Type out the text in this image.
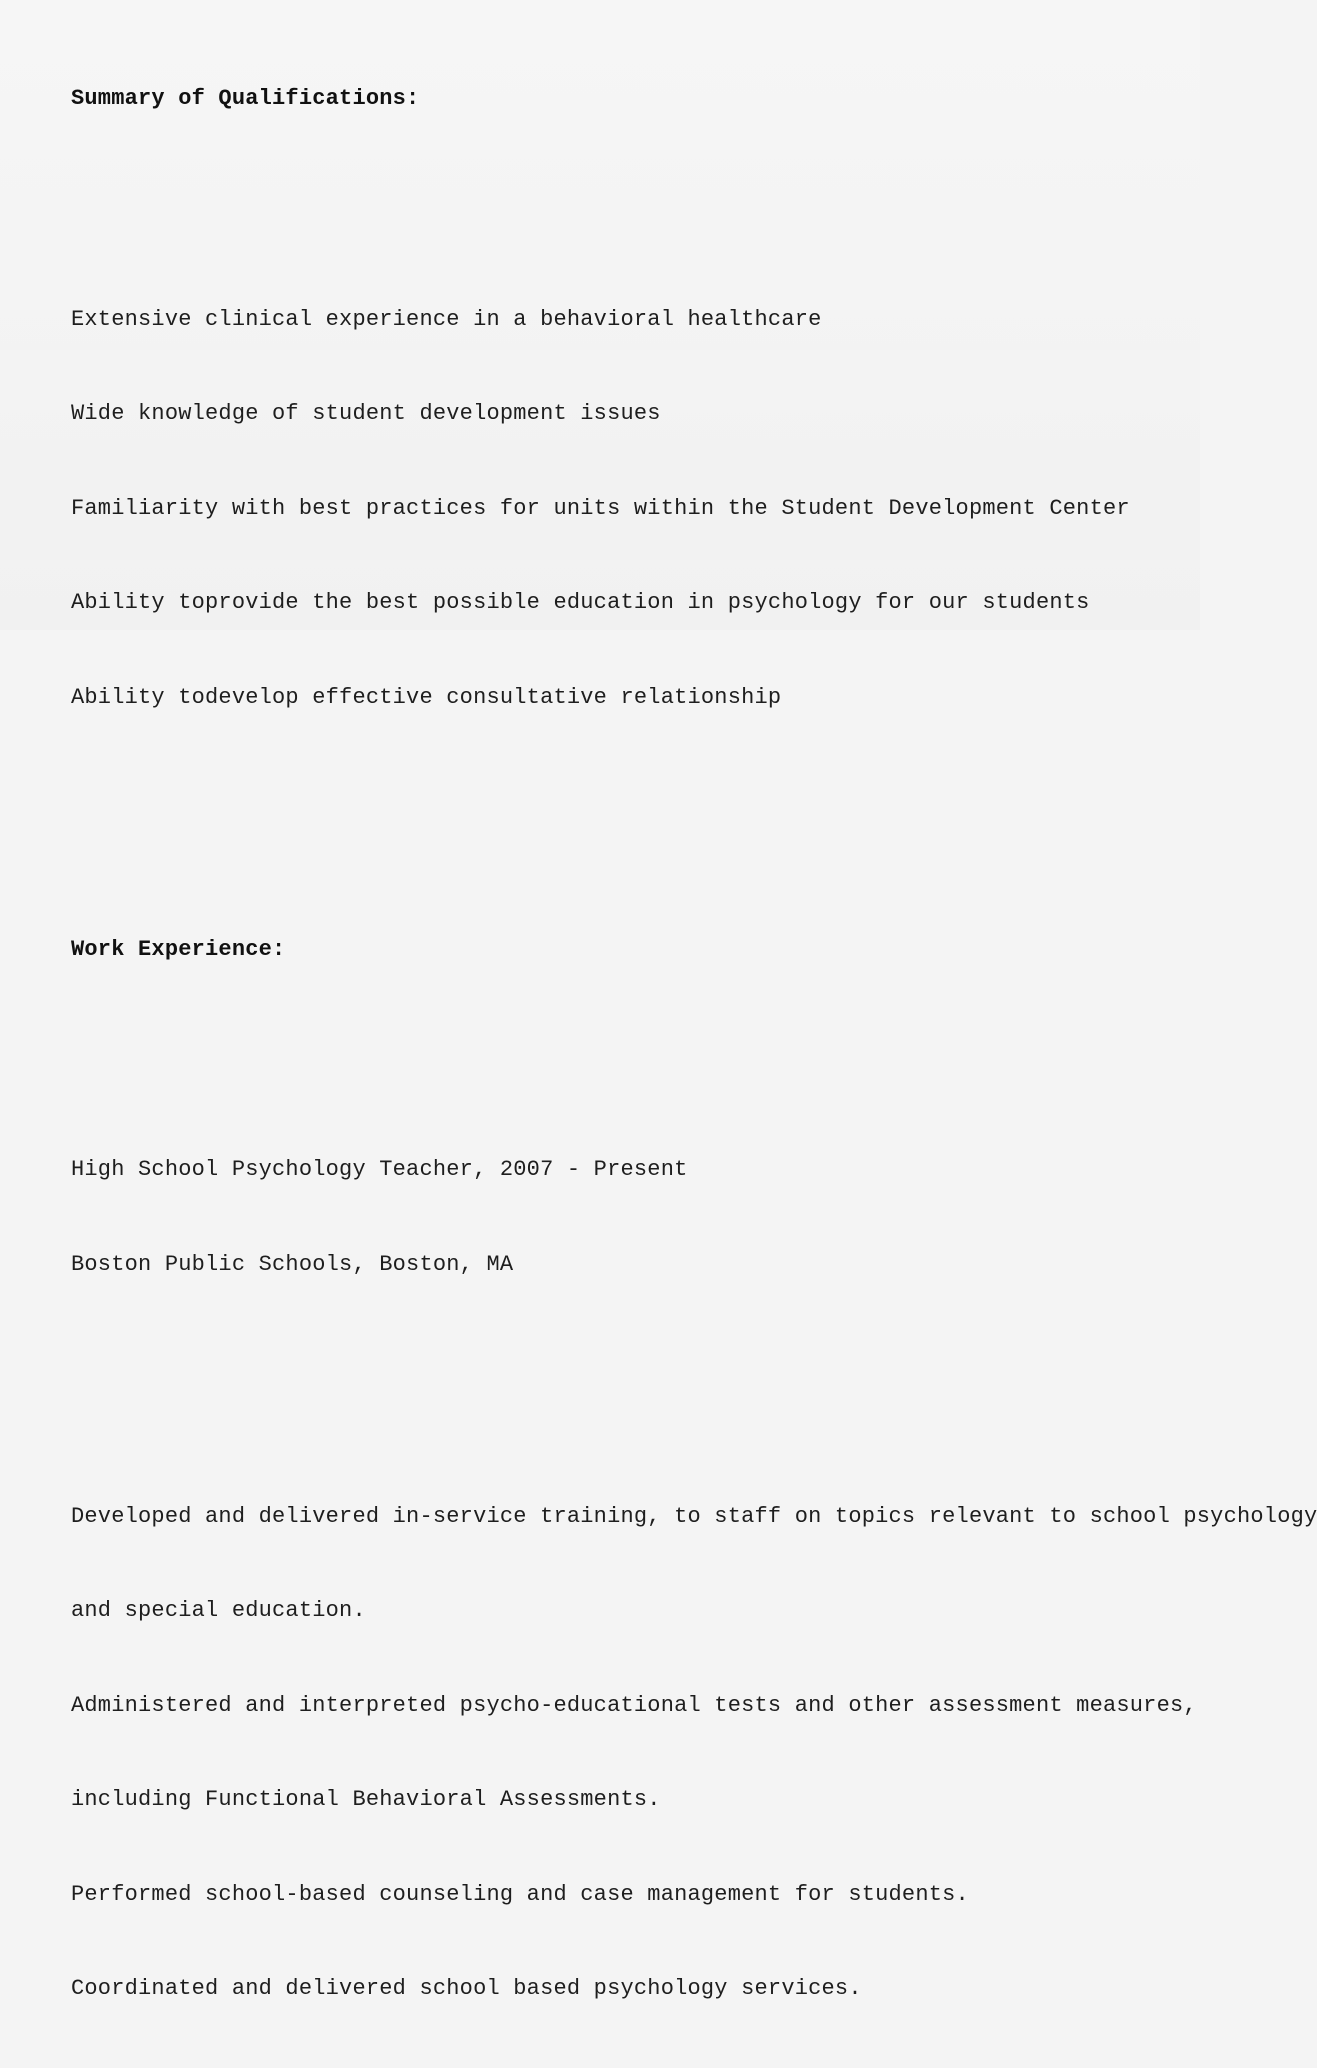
Summary of Qualifications:

Extensive clinical experience in a behavioral healthcare

Wide knowledge of student development issues

Familiarity with best practices for units within the Student Development Center

Ability toprovide the best possible education in psychology for our students

Ability todevelop effective consultative relationship

Work Experience:

High School Psychology Teacher, 2007 - Present

Boston Public Schools, Boston, MA

Developed and delivered in-service training, to staff on topics relevant to school psychology

and special education.

Administered and interpreted psycho-educational tests and other assessment measures,

including Functional Behavioral Assessments.

Performed school-based counseling and case management for students.

Coordinated and delivered school based psychology services.
